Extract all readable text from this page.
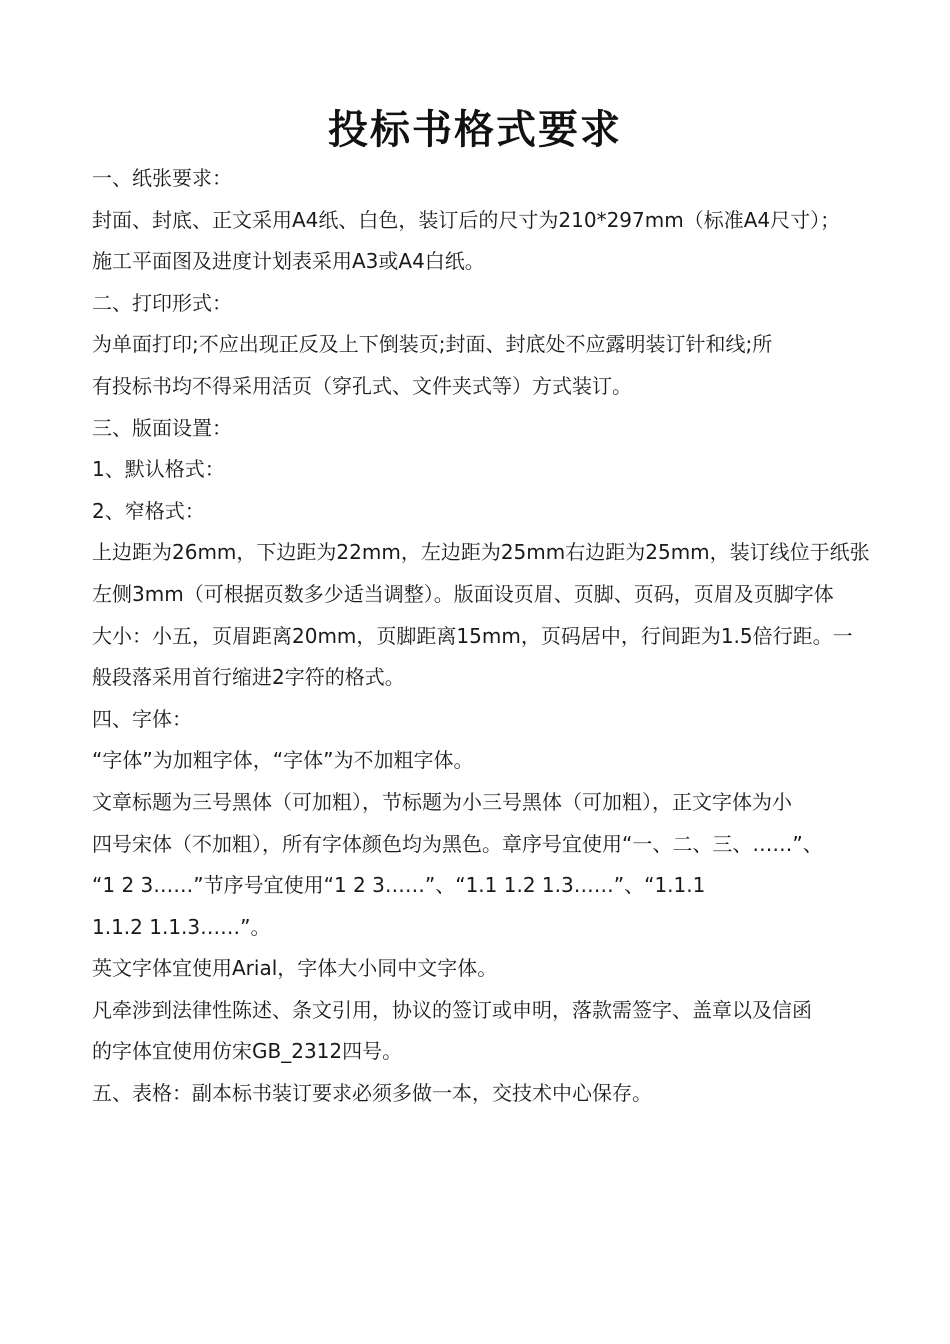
投标书格式要求
一、纸张要求：
封面、封底、正文采用A4纸、白色，装订后的尺寸为210*297mm（标准A4尺寸）；
施工平面图及进度计划表采用A3或A4白纸。
二、打印形式：
为单面打印;不应出现正反及上下倒装页;封面、封底处不应露明装订针和线;所
有投标书均不得采用活页（穿孔式、文件夹式等）方式装订。
三、版面设置：
1、默认格式：
2、窄格式：
上边距为26mm，下边距为22mm，左边距为25mm右边距为25mm，装订线位于纸张
左侧3mm（可根据页数多少适当调整）。版面设页眉、页脚、页码，页眉及页脚字体
大小：小五，页眉距离20mm，页脚距离15mm，页码居中，行间距为1.5倍行距。一
般段落采用首行缩进2字符的格式。
四、字体：
“字体”为加粗字体，“字体”为不加粗字体。
文章标题为三号黑体（可加粗），节标题为小三号黑体（可加粗），正文字体为小
四号宋体（不加粗），所有字体颜色均为黑色。章序号宜使用“一、二、三、……”、
“1 2 3……”节序号宜使用“1 2 3……”、“1.1 1.2 1.3……”、“1.1.1
1.1.2 1.1.3……”。
英文字体宜使用Arial，字体大小同中文字体。
凡牵涉到法律性陈述、条文引用，协议的签订或申明，落款需签字、盖章以及信函
的字体宜使用仿宋GB_2312四号。
五、表格：副本标书装订要求必须多做一本，交技术中心保存。
